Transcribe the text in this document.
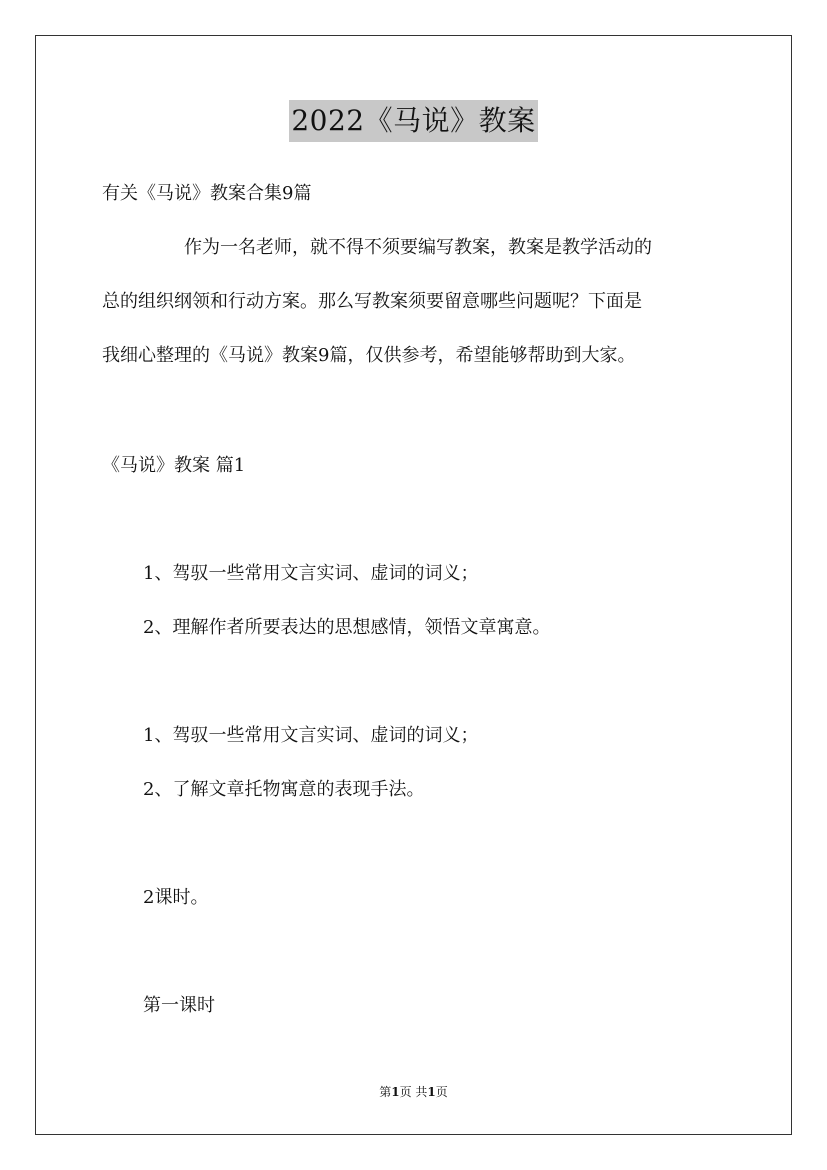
2022《马说》教案
有关《马说》教案合集9篇
作为一名老师，就不得不须要编写教案，教案是教学活动的
总的组织纲领和行动方案。那么写教案须要留意哪些问题呢？下面是
我细心整理的《马说》教案9篇，仅供参考，希望能够帮助到大家。
《马说》教案 篇1
1、驾驭一些常用文言实词、虚词的词义；
2、理解作者所要表达的思想感情，领悟文章寓意。
1、驾驭一些常用文言实词、虚词的词义；
2、了解文章托物寓意的表现手法。
2课时。
第一课时
第1页 共1页
